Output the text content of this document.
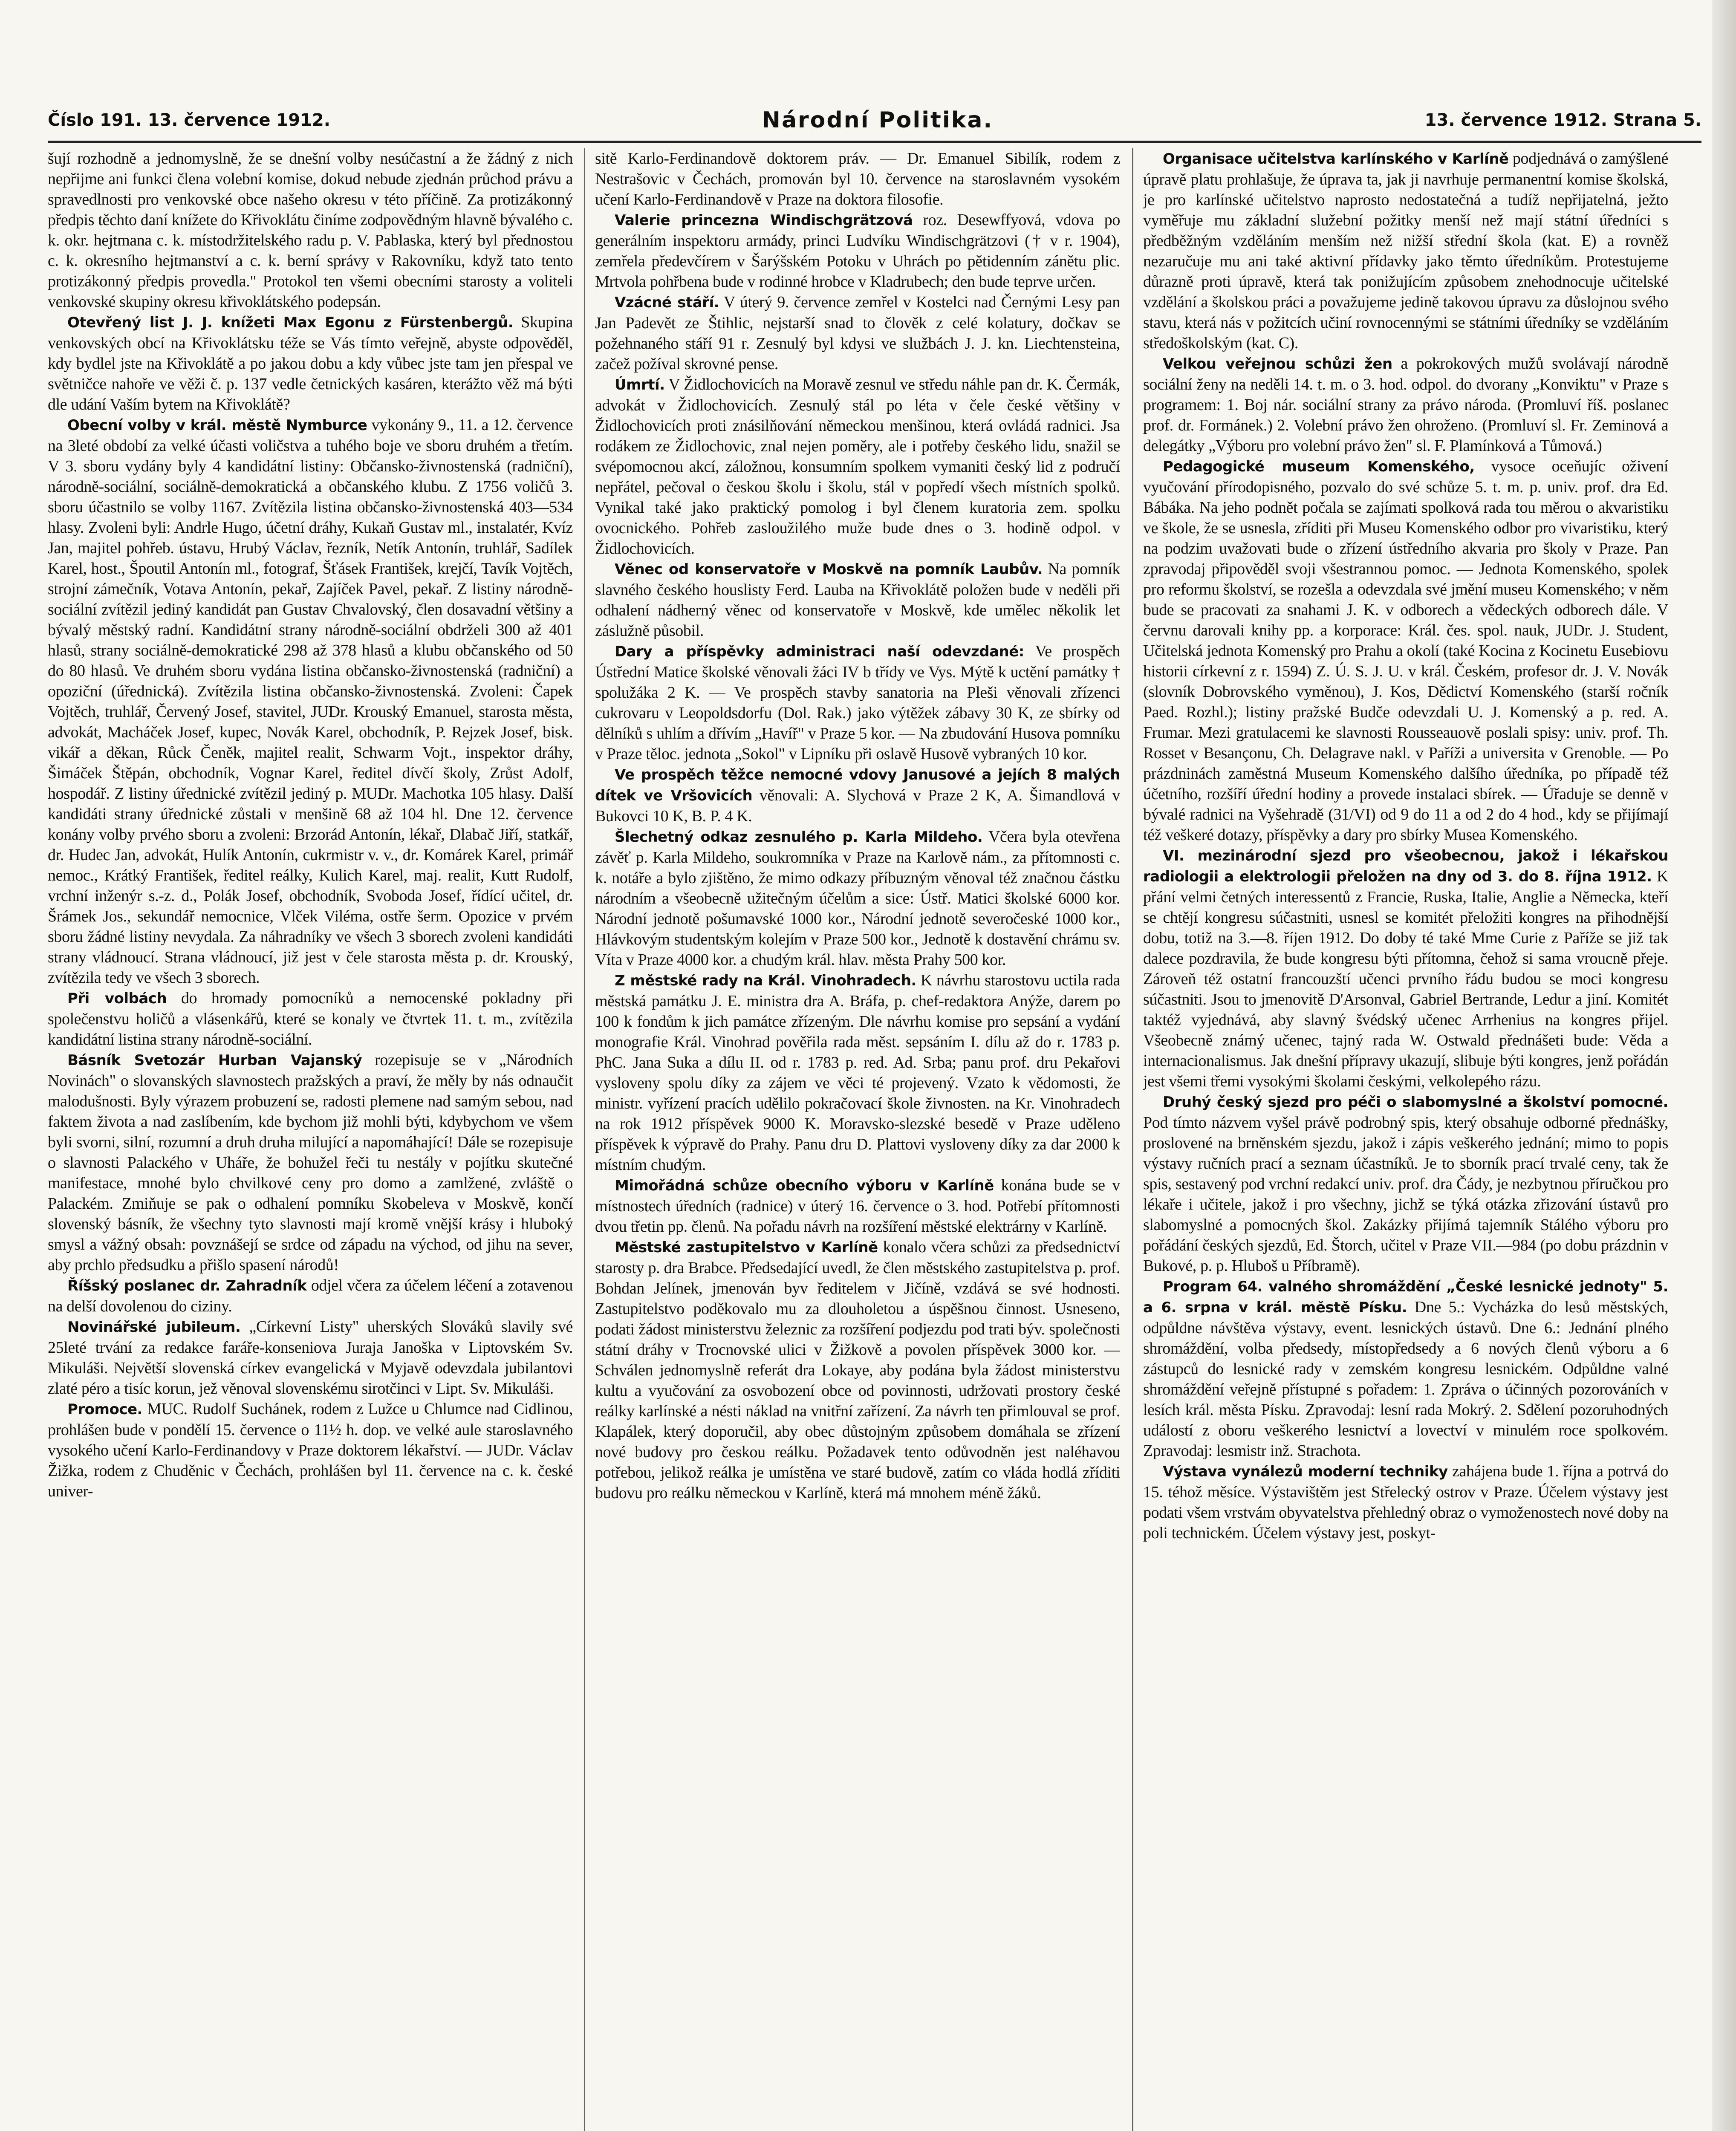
Číslo 191. 13. července 1912.	Národní Politika.	13. července 1912. Strana 5.

šují rozhodně a jednomyslně, že se dnešní volby nesúčastní a že žádný z nich nepřijme ani funkci člena volební komise, dokud nebude zjednán průchod právu a spravedlnosti pro venkovské obce našeho okresu v této příčině. Za protizákonný předpis těchto daní knížete do Křivoklátu činíme zodpovědným hlavně bývalého c. k. okr. hejtmana c. k. místodržitelského radu p. V. Pablaska, který byl přednostou c. k. okresního hejtmanství a c. k. berní správy v Rakovníku, když tato tento protizákonný předpis provedla." Protokol ten všemi obecními starosty a voliteli venkovské skupiny okresu křivoklátského podepsán.

Otevřený list J. J. knížeti Max Egonu z Fürstenbergů. Skupina venkovských obcí na Křivoklátsku téže se Vás tímto veřejně, abyste odpověděl, kdy bydlel jste na Křivoklátě a po jakou dobu a kdy vůbec jste tam jen přespal ve světničce nahoře ve věži č. p. 137 vedle četnických kasáren, kterážto věž má býti dle udání Vaším bytem na Křivoklátě?

Obecní volby v král. městě Nymburce vykonány 9., 11. a 12. července na 3leté období za velké účasti voličstva a tuhého boje ve sboru druhém a třetím. V 3. sboru vydány byly 4 kandidátní listiny: Občansko-živnostenská (radniční), národně-sociální, sociálně-demokratická a občanského klubu. Z 1756 voličů 3. sboru účastnilo se volby 1167. Zvítězila listina občansko-živnostenská 403—534 hlasy. Zvoleni byli: Andrle Hugo, účetní dráhy, Kukaň Gustav ml., instalatér, Kvíz Jan, majitel pohřeb. ústavu, Hrubý Václav, řezník, Netík Antonín, truhlář, Sadílek Karel, host., Špoutil Antonín ml., fotograf, Šťásek František, krejčí, Tavík Vojtěch, strojní zámečník, Votava Antonín, pekař, Zajíček Pavel, pekař. Z listiny národně-sociální zvítězil jediný kandidát pan Gustav Chvalovský, člen dosavadní většiny a bývalý městský radní. Kandidátní strany národně-sociální obdrželi 300 až 401 hlasů, strany sociálně-demokratické 298 až 378 hlasů a klubu občanského od 50 do 80 hlasů. Ve druhém sboru vydána listina občansko-živnostenská (radniční) a opoziční (úřednická). Zvítězila listina občansko-živnostenská. Zvoleni: Čapek Vojtěch, truhlář, Červený Josef, stavitel, JUDr. Krouský Emanuel, starosta města, advokát, Macháček Josef, kupec, Novák Karel, obchodník, P. Rejzek Josef, bisk. vikář a děkan, Růck Čeněk, majitel realit, Schwarm Vojt., inspektor dráhy, Šimáček Štěpán, obchodník, Vognar Karel, ředitel dívčí školy, Zrůst Adolf, hospodář. Z listiny úřednické zvítězil jediný p. MUDr. Machotka 105 hlasy. Další kandidáti strany úřednické zůstali v menšině 68 až 104 hl. Dne 12. července konány volby prvého sboru a zvoleni: Brzorád Antonín, lékař, Dlabač Jiří, statkář, dr. Hudec Jan, advokát, Hulík Antonín, cukrmistr v. v., dr. Komárek Karel, primář nemoc., Krátký František, ředitel reálky, Kulich Karel, maj. realit, Kutt Rudolf, vrchní inženýr s.-z. d., Polák Josef, obchodník, Svoboda Josef, řídící učitel, dr. Šrámek Jos., sekundář nemocnice, Vlček Viléma, ostře šerm. Opozice v prvém sboru žádné listiny nevydala. Za náhradníky ve všech 3 sborech zvoleni kandidáti strany vládnoucí. Strana vládnoucí, již jest v čele starosta města p. dr. Krouský, zvítězila tedy ve všech 3 sborech.

Při volbách do hromady pomocníků a nemocenské pokladny při společenstvu holičů a vlásenkářů, které se konaly ve čtvrtek 11. t. m., zvítězila kandidátní listina strany národně-sociální.

Básník Svetozár Hurban Vajanský rozepisuje se v „Národních Novinách" o slovanských slavnostech pražských a praví, že měly by nás odnaučit malodušnosti. Byly výrazem probuzení se, radosti plemene nad samým sebou, nad faktem života a nad zaslíbením, kde bychom již mohli býti, kdybychom ve všem byli svorni, silní, rozumní a druh druha milující a napomáhající! Dále se rozepisuje o slavnosti Palackého v Uháře, že bohužel řeči tu nestály v pojítku skutečné manifestace, mnohé bylo chvilkové ceny pro domo a zamlžené, zvláště o Palackém. Zmiňuje se pak o odhalení pomníku Skobeleva v Moskvě, končí slovenský básník, že všechny tyto slavnosti mají kromě vnější krásy i hluboký smysl a vážný obsah: povznášejí se srdce od západu na východ, od jihu na sever, aby prchlo předsudku a přišlo spasení národů!

Říšský poslanec dr. Zahradník odjel včera za účelem léčení a zotavenou na delší dovolenou do ciziny.

Novinářské jubileum. „Církevní Listy" uherských Slováků slavily své 25leté trvání za redakce faráře-konseniova Juraja Janoška v Liptovském Sv. Mikuláši. Největší slovenská církev evangelická v Myjavě odevzdala jubilantovi zlaté péro a tisíc korun, jež věnoval slovenskému sirotčinci v Lipt. Sv. Mikuláši.

Promoce. MUC. Rudolf Suchánek, rodem z Lužce u Chlumce nad Cidlinou, prohlášen bude v pondělí 15. července o 11½ h. dop. ve velké aule staroslavného vysokého učení Karlo-Ferdinandovy v Praze doktorem lékařství. — JUDr. Václav Žižka, rodem z Chuděnic v Čechách, prohlášen byl 11. července na c. k. české univer-

sitě Karlo-Ferdinandově doktorem práv. — Dr. Emanuel Sibilík, rodem z Nestrašovic v Čechách, promován byl 10. července na staroslavném vysokém učení Karlo-Ferdinandově v Praze na doktora filosofie.

Valerie princezna Windischgrätzová roz. Desewffyová, vdova po generálním inspektoru armády, princi Ludvíku Windischgrätzovi († v r. 1904), zemřela předevčírem v Šarýšském Potoku v Uhrách po pětidenním zánětu plic. Mrtvola pohřbena bude v rodinné hrobce v Kladrubech; den bude teprve určen.

Vzácné stáří. V úterý 9. července zemřel v Kostelci nad Černými Lesy pan Jan Padevět ze Štihlic, nejstarší snad to člověk z celé kolatury, dočkav se požehnaného stáří 91 r. Zesnulý byl kdysi ve službách J. J. kn. Liechtensteina, začež požíval skrovné pense.

Úmrtí. V Židlochovicích na Moravě zesnul ve středu náhle pan dr. K. Čermák, advokát v Židlochovicích. Zesnulý stál po léta v čele české většiny v Židlochovicích proti znásilňování německou menšinou, která ovládá radnici. Jsa rodákem ze Židlochovic, znal nejen poměry, ale i potřeby českého lidu, snažil se svépomocnou akcí, záložnou, konsumním spolkem vymaniti český lid z područí nepřátel, pečoval o českou školu i školu, stál v popředí všech místních spolků. Vynikal také jako praktický pomolog i byl členem kuratoria zem. spolku ovocnického. Pohřeb zasloužilého muže bude dnes o 3. hodině odpol. v Židlochovicích.

Věnec od konservatoře v Moskvě na pomník Laubův. Na pomník slavného českého houslisty Ferd. Lauba na Křivoklátě položen bude v neděli při odhalení nádherný věnec od konservatoře v Moskvě, kde umělec několik let záslužně působil.

Dary a příspěvky administraci naší odevzdané: Ve prospěch Ústřední Matice školské věnovali žáci IV b třídy ve Vys. Mýtě k uctění památky † spolužáka 2 K. — Ve prospěch stavby sanatoria na Pleši věnovali zřízenci cukrovaru v Leopoldsdorfu (Dol. Rak.) jako výtěžek zábavy 30 K, ze sbírky od dělníků s uhlím a dřívím „Havíř" v Praze 5 kor. — Na zbudování Husova pomníku v Praze těloc. jednota „Sokol" v Lipníku při oslavě Husově vybraných 10 kor.

Ve prospěch těžce nemocné vdovy Janusové a jejích 8 malých dítek ve Vršovicích věnovali: A. Slychová v Praze 2 K, A. Šimandlová v Bukovci 10 K, B. P. 4 K.

Šlechetný odkaz zesnulého p. Karla Mildeho. Včera byla otevřena závěť p. Karla Mildeho, soukromníka v Praze na Karlově nám., za přítomnosti c. k. notáře a bylo zjištěno, že mimo odkazy příbuzným věnoval též značnou částku národním a všeobecně užitečným účelům a sice: Ústř. Matici školské 6000 kor. Národní jednotě pošumavské 1000 kor., Národní jednotě severočeské 1000 kor., Hlávkovým studentským kolejím v Praze 500 kor., Jednotě k dostavění chrámu sv. Víta v Praze 4000 kor. a chudým král. hlav. města Prahy 500 kor.

Z městské rady na Král. Vinohradech. K návrhu starostovu uctila rada městská památku J. E. ministra dra A. Bráfa, p. chef-redaktora Anýže, darem po 100 k fondům k jich památce zřízeným. Dle návrhu komise pro sepsání a vydání monografie Král. Vinohrad pověřila rada měst. sepsáním I. dílu až do r. 1783 p. PhC. Jana Suka a dílu II. od r. 1783 p. red. Ad. Srba; panu prof. dru Pekařovi vysloveny spolu díky za zájem ve věci té projevený. Vzato k vědomosti, že ministr. vyřízení pracích udělilo pokračovací škole živnosten. na Kr. Vinohradech na rok 1912 příspěvek 9000 K. Moravsko-slezské besedě v Praze uděleno příspěvek k výpravě do Prahy. Panu dru D. Plattovi vysloveny díky za dar 2000 k místním chudým.

Mimořádná schůze obecního výboru v Karlíně konána bude se v místnostech úředních (radnice) v úterý 16. července o 3. hod. Potřebí přítomnosti dvou třetin pp. členů. Na pořadu návrh na rozšíření městské elektrárny v Karlíně.

Městské zastupitelstvo v Karlíně konalo včera schůzi za předsednictví starosty p. dra Brabce. Předsedající uvedl, že člen městského zastupitelstva p. prof. Bohdan Jelínek, jmenován byv ředitelem v Jičíně, vzdává se své hodnosti. Zastupitelstvo poděkovalo mu za dlouholetou a úspěšnou činnost. Usneseno, podati žádost ministerstvu železnic za rozšíření podjezdu pod trati býv. společnosti státní dráhy v Trocnovské ulici v Žižkově a povolen příspěvek 3000 kor. — Schválen jednomyslně referát dra Lokaye, aby podána byla žádost ministerstvu kultu a vyučování za osvobození obce od povinnosti, udržovati prostory české reálky karlínské a nésti náklad na vnitřní zařízení. Za návrh ten přimlouval se prof. Klapálek, který doporučil, aby obec důstojným způsobem domáhala se zřízení nové budovy pro českou reálku. Požadavek tento odůvodněn jest naléhavou potřebou, jelikož reálka je umístěna ve staré budově, zatím co vláda hodlá zříditi budovu pro reálku německou v Karlíně, která má mnohem méně žáků.

Organisace učitelstva karlínského v Karlíně podjednává o zamýšlené úpravě platu prohlašuje, že úprava ta, jak ji navrhuje permanentní komise školská, je pro karlínské učitelstvo naprosto nedostatečná a tudíž nepřijatelná, ježto vyměřuje mu základní služební požitky menší než mají státní úředníci s předběžným vzděláním menším než nižší střední škola (kat. E) a rovněž nezaručuje mu ani také aktivní přídavky jako těmto úředníkům. Protestujeme důrazně proti úpravě, která tak ponižujícím způsobem znehodnocuje učitelské vzdělání a školskou práci a považujeme jedině takovou úpravu za důslojnou svého stavu, která nás v požitcích učiní rovnocennými se státními úředníky se vzděláním středoškolským (kat. C).

Velkou veřejnou schůzi žen a pokrokových mužů svolávají národně sociální ženy na neděli 14. t. m. o 3. hod. odpol. do dvorany „Konviktu" v Praze s programem: 1. Boj nár. sociální strany za právo národa. (Promluví říš. poslanec prof. dr. Formánek.) 2. Volební právo žen ohroženo. (Promluví sl. Fr. Zeminová a delegátky „Výboru pro volební právo žen" sl. F. Plamínková a Tůmová.)

Pedagogické museum Komenského, vysoce oceňujíc oživení vyučování přírodopisného, pozvalo do své schůze 5. t. m. p. univ. prof. dra Ed. Bábáka. Na jeho podnět počala se zajímati spolková rada tou měrou o akvaristiku ve škole, že se usnesla, zříditi při Museu Komenského odbor pro vivaristiku, který na podzim uvažovati bude o zřízení ústředního akvaria pro školy v Praze. Pan zpravodaj připověděl svoji všestrannou pomoc. — Jednota Komenského, spolek pro reformu školství, se rozešla a odevzdala své jmění museu Komenského; v něm bude se pracovati za snahami J. K. v odborech a vědeckých odborech dále. V červnu darovali knihy pp. a korporace: Král. čes. spol. nauk, JUDr. J. Student, Učitelská jednota Komenský pro Prahu a okolí (také Kocina z Kocinetu Eusebiovu historii církevní z r. 1594) Z. Ú. S. J. U. v král. Českém, profesor dr. J. V. Novák (slovník Dobrovského vyměnou), J. Kos, Dědictví Komenského (starší ročník Paed. Rozhl.); listiny pražské Budče odevzdali U. J. Komenský a p. red. A. Frumar. Mezi gratulacemi ke slavnosti Rousseauově poslali spisy: univ. prof. Th. Rosset v Besançonu, Ch. Delagrave nakl. v Paříži a universita v Grenoble. — Po prázdninách zaměstná Museum Komenského dalšího úředníka, po případě též účetního, rozšíří úřední hodiny a provede instalaci sbírek. — Úřaduje se denně v bývalé radnici na Vyšehradě (31/VI) od 9 do 11 a od 2 do 4 hod., kdy se přijímají též veškeré dotazy, příspěvky a dary pro sbírky Musea Komenského.

VI. mezinárodní sjezd pro všeobecnou, jakož i lékařskou radiologii a elektrologii přeložen na dny od 3. do 8. října 1912. K přání velmi četných interessentů z Francie, Ruska, Italie, Anglie a Německa, kteří se chtějí kongresu súčastniti, usnesl se komitét přeložiti kongres na přihodnější dobu, totiž na 3.—8. říjen 1912. Do doby té také Mme Curie z Paříže se již tak dalece pozdravila, že bude kongresu býti přítomna, čehož si sama vroucně přeje. Zároveň též ostatní francouzští učenci prvního řádu budou se moci kongresu súčastniti. Jsou to jmenovitě D'Arsonval, Gabriel Bertrande, Ledur a jiní. Komitét taktéž vyjednává, aby slavný švédský učenec Arrhenius na kongres přijel. Všeobecně známý učenec, tajný rada W. Ostwald přednášeti bude: Věda a internacionalismus. Jak dnešní přípravy ukazují, slibuje býti kongres, jenž pořádán jest všemi třemi vysokými školami českými, velkolepého rázu.

Druhý český sjezd pro péči o slabomyslné a školství pomocné. Pod tímto názvem vyšel právě podrobný spis, který obsahuje odborné přednášky, proslovené na brněnském sjezdu, jakož i zápis veškerého jednání; mimo to popis výstavy ručních prací a seznam účastníků. Je to sborník prací trvalé ceny, tak že spis, sestavený pod vrchní redakcí univ. prof. dra Čády, je nezbytnou příručkou pro lékaře i učitele, jakož i pro všechny, jichž se týká otázka zřizování ústavů pro slabomyslné a pomocných škol. Zakázky přijímá tajemník Stálého výboru pro pořádání českých sjezdů, Ed. Štorch, učitel v Praze VII.—984 (po dobu prázdnin v Bukové, p. p. Hluboš u Příbramě).

Program 64. valného shromáždění „České lesnické jednoty" 5. a 6. srpna v král. městě Písku. Dne 5.: Vycházka do lesů městských, odpůldne návštěva výstavy, event. lesnických ústavů. Dne 6.: Jednání plného shromáždění, volba předsedy, místopředsedy a 6 nových členů výboru a 6 zástupců do lesnické rady v zemském kongresu lesnickém. Odpůldne valné shromáždění veřejně přístupné s pořadem: 1. Zpráva o účinných pozorováních v lesích král. města Písku. Zpravodaj: lesní rada Mokrý. 2. Sdělení pozoruhodných událostí z oboru veškerého lesnictví a lovectví v minulém roce spolkovém. Zpravodaj: lesmistr inž. Strachota.

Výstava vynálezů moderní techniky zahájena bude 1. října a potrvá do 15. téhož měsíce. Výstavištěm jest Střelecký ostrov v Praze. Účelem výstavy jest podati všem vrstvám obyvatelstva přehledný obraz o vymoženostech nové doby na poli technickém. Účelem výstavy jest, poskyt-
